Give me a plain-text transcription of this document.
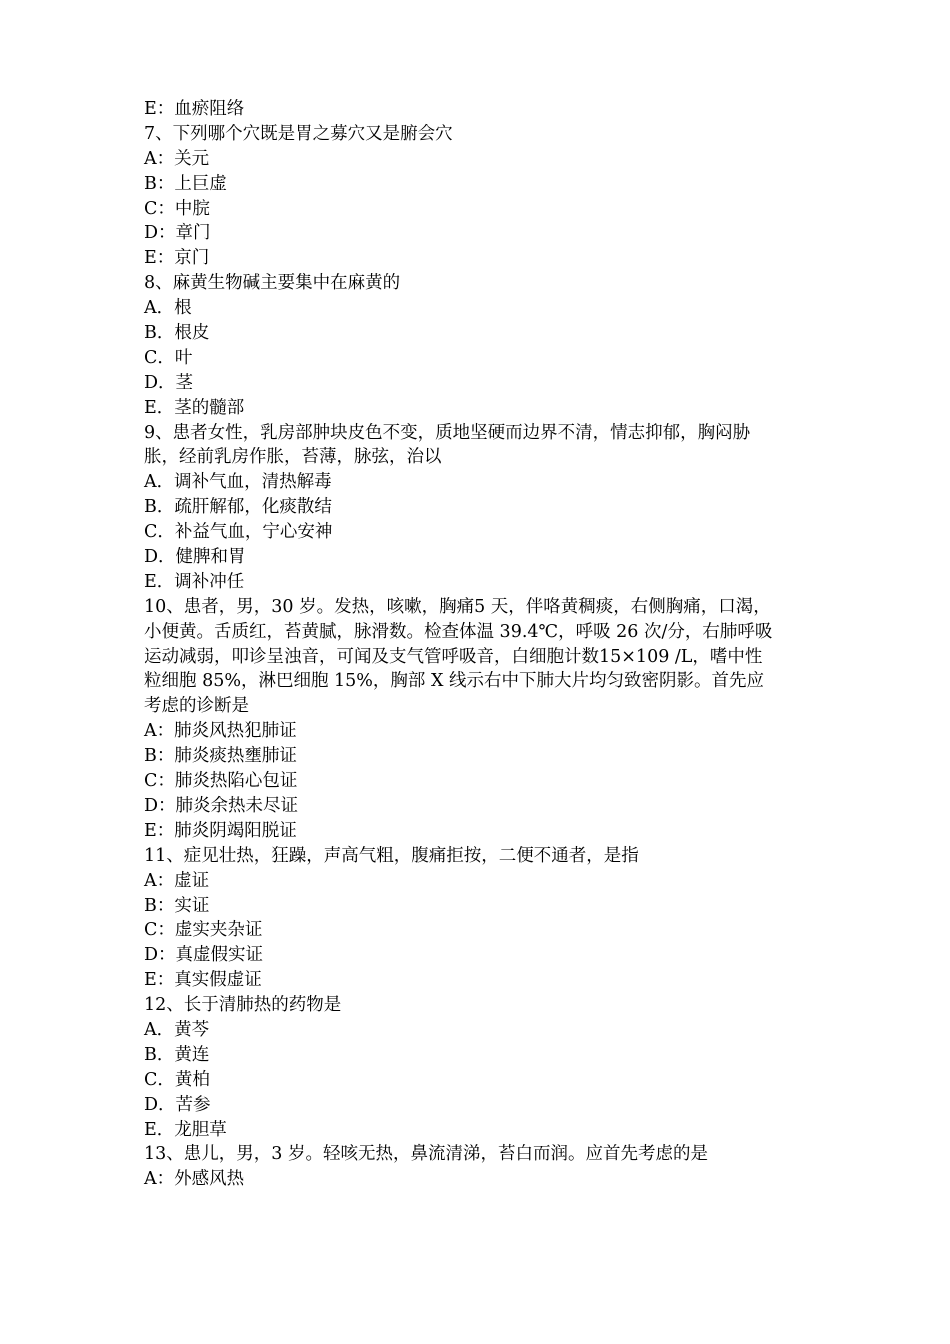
E：血瘀阻络
7、下列哪个穴既是胃之募穴又是腑会穴
A：关元
B：上巨虚
C：中脘
D：章门
E：京门
8、麻黄生物碱主要集中在麻黄的
A．根
B．根皮
C．叶
D．茎
E．茎的髓部
9、患者女性，乳房部肿块皮色不变，质地坚硬而边界不清，情志抑郁，胸闷胁
胀，经前乳房作胀，苔薄，脉弦，治以
A．调补气血，清热解毒
B．疏肝解郁，化痰散结
C．补益气血，宁心安神
D．健脾和胃
E．调补冲任
10、患者，男，30 岁。发热，咳嗽，胸痛5 天，伴咯黄稠痰，右侧胸痛，口渴，
小便黄。舌质红，苔黄腻，脉滑数。检查体温 39.4℃，呼吸 26 次/分，右肺呼吸
运动减弱，叩诊呈浊音，可闻及支气管呼吸音，白细胞计数15×109 /L，嗜中性
粒细胞 85%，淋巴细胞 15%，胸部 X 线示右中下肺大片均匀致密阴影。首先应
考虑的诊断是
A：肺炎风热犯肺证
B：肺炎痰热壅肺证
C：肺炎热陷心包证
D：肺炎余热未尽证
E：肺炎阴竭阳脱证
11、症见壮热，狂躁，声高气粗，腹痛拒按，二便不通者，是指
A：虚证
B：实证
C：虚实夹杂证
D：真虚假实证
E：真实假虚证
12、长于清肺热的药物是
A．黄芩
B．黄连
C．黄柏
D．苦参
E．龙胆草
13、患儿，男，3 岁。轻咳无热，鼻流清涕，苔白而润。应首先考虑的是
A：外感风热
